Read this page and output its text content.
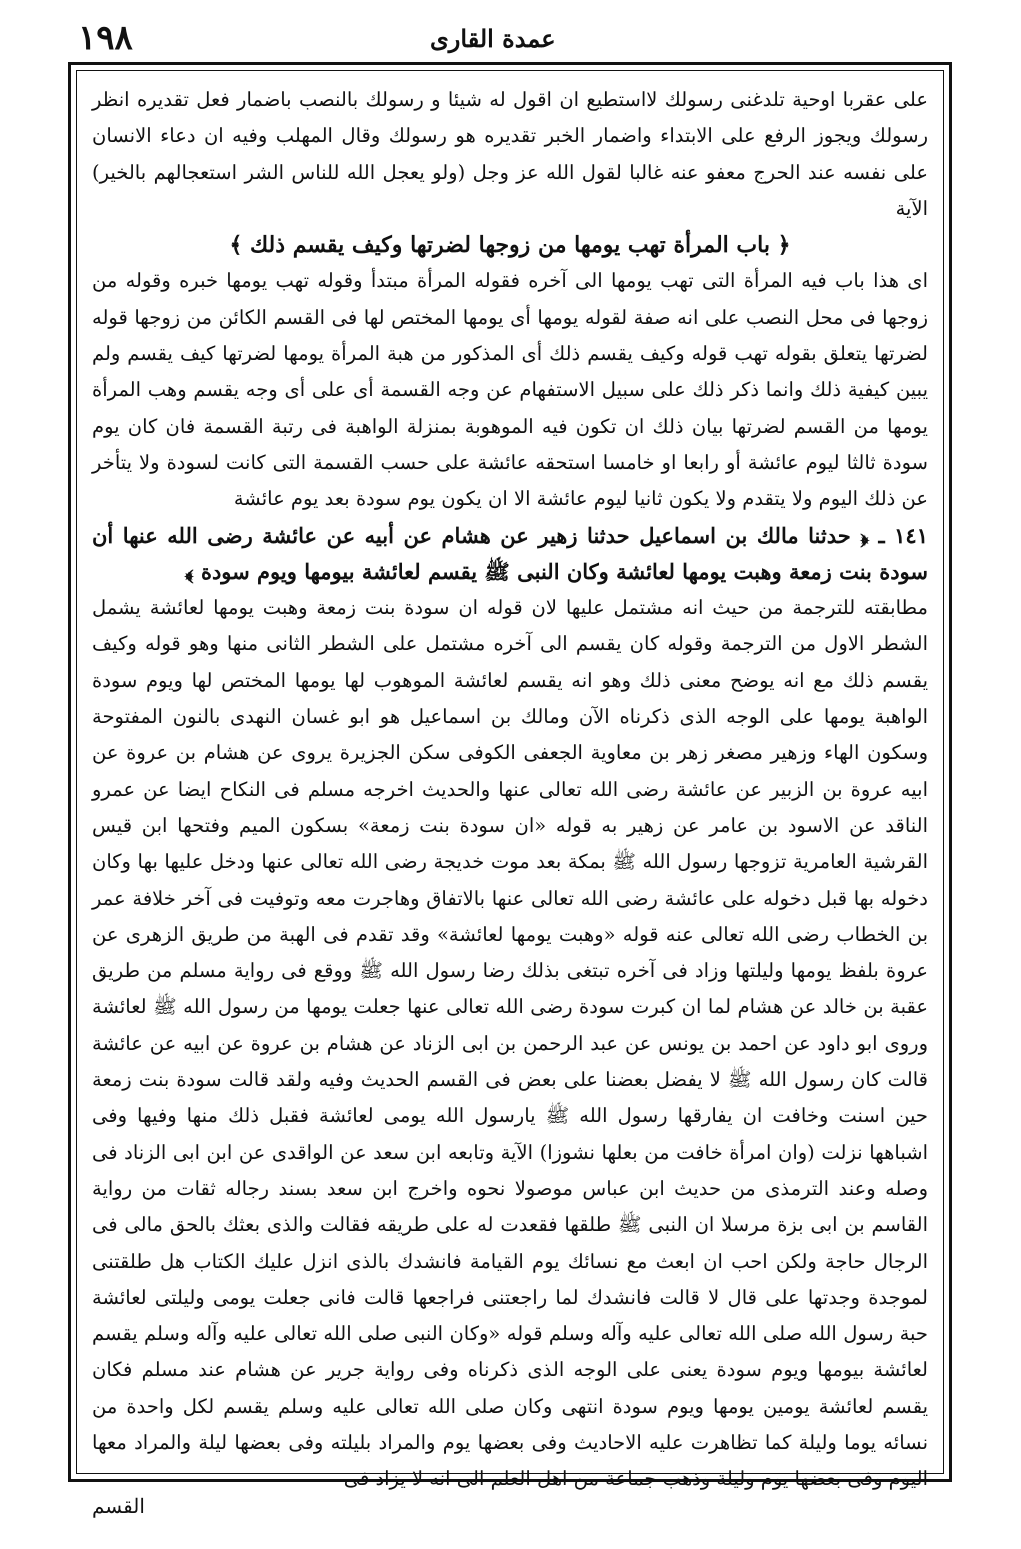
١٩٨	عمدة القارى

على عقربا اوحية تلدغنى رسولك لااستطيع ان اقول له شيئا و رسولك بالنصب باضمار فعل تقديره انظر رسولك ويجوز الرفع على الابتداء واضمار الخبر تقديره هو رسولك وقال المهلب وفيه ان دعاء الانسان على نفسه عند الحرج معفو عنه غالبا لقول الله عز وجل (ولو يعجل الله للناس الشر استعجالهم بالخير) الآية

﴿ باب المرأة تهب يومها من زوجها لضرتها وكيف يقسم ذلك ﴾

اى هذا باب فيه المرأة التى تهب يومها الى آخره فقوله المرأة مبتدأ وقوله تهب يومها خبره وقوله من زوجها فى محل النصب على انه صفة لقوله يومها أى يومها المختص لها فى القسم الكائن من زوجها قوله لضرتها يتعلق بقوله تهب قوله وكيف يقسم ذلك أى المذكور من هبة المرأة يومها لضرتها كيف يقسم ولم يبين كيفية ذلك وانما ذكر ذلك على سبيل الاستفهام عن وجه القسمة أى على أى وجه يقسم وهب المرأة يومها من القسم لضرتها بيان ذلك ان تكون فيه الموهوبة بمنزلة الواهبة فى رتبة القسمة فان كان يوم سودة ثالثا ليوم عائشة أو رابعا او خامسا استحقه عائشة على حسب القسمة التى كانت لسودة ولا يتأخر عن ذلك اليوم ولا يتقدم ولا يكون ثانيا ليوم عائشة الا ان يكون يوم سودة بعد يوم عائشة

١٤١ ـ ﴿ حدثنا مالك بن اسماعيل حدثنا زهير عن هشام عن أبيه عن عائشة رضى الله عنها أن سودة بنت زمعة وهبت يومها لعائشة وكان النبى ﷺ يقسم لعائشة بيومها ويوم سودة ﴾

مطابقته للترجمة من حيث انه مشتمل عليها لان قوله ان سودة بنت زمعة وهبت يومها لعائشة يشمل الشطر الاول من الترجمة وقوله كان يقسم الى آخره مشتمل على الشطر الثانى منها وهو قوله وكيف يقسم ذلك مع انه يوضح معنى ذلك وهو انه يقسم لعائشة الموهوب لها يومها المختص لها ويوم سودة الواهبة يومها على الوجه الذى ذكرناه الآن ومالك بن اسماعيل هو ابو غسان النهدى بالنون المفتوحة وسكون الهاء وزهير مصغر زهر بن معاوية الجعفى الكوفى سكن الجزيرة يروى عن هشام بن عروة عن ابيه عروة بن الزبير عن عائشة رضى الله تعالى عنها والحديث اخرجه مسلم فى النكاح ايضا عن عمرو الناقد عن الاسود بن عامر عن زهير به قوله «ان سودة بنت زمعة» بسكون الميم وفتحها ابن قيس القرشية العامرية تزوجها رسول الله ﷺ بمكة بعد موت خديجة رضى الله تعالى عنها ودخل عليها بها وكان دخوله بها قبل دخوله على عائشة رضى الله تعالى عنها بالاتفاق وهاجرت معه وتوفيت فى آخر خلافة عمر بن الخطاب رضى الله تعالى عنه قوله «وهبت يومها لعائشة» وقد تقدم فى الهبة من طريق الزهرى عن عروة بلفظ يومها وليلتها وزاد فى آخره تبتغى بذلك رضا رسول الله ﷺ ووقع فى رواية مسلم من طريق عقبة بن خالد عن هشام لما ان كبرت سودة رضى الله تعالى عنها جعلت يومها من رسول الله ﷺ لعائشة وروى ابو داود عن احمد بن يونس عن عبد الرحمن بن ابى الزناد عن هشام بن عروة عن ابيه عن عائشة قالت كان رسول الله ﷺ لا يفضل بعضنا على بعض فى القسم الحديث وفيه ولقد قالت سودة بنت زمعة حين اسنت وخافت ان يفارقها رسول الله ﷺ يارسول الله يومى لعائشة فقبل ذلك منها وفيها وفى اشباهها نزلت (وان امرأة خافت من بعلها نشوزا) الآية وتابعه ابن سعد عن الواقدى عن ابن ابى الزناد فى وصله وعند الترمذى من حديث ابن عباس موصولا نحوه واخرج ابن سعد بسند رجاله ثقات من رواية القاسم بن ابى بزة مرسلا ان النبى ﷺ طلقها فقعدت له على طريقه فقالت والذى بعثك بالحق مالى فى الرجال حاجة ولكن احب ان ابعث مع نسائك يوم القيامة فانشدك بالذى انزل عليك الكتاب هل طلقتنى لموجدة وجدتها على قال لا قالت فانشدك لما راجعتنى فراجعها قالت فانى جعلت يومى وليلتى لعائشة حبة رسول الله صلى الله تعالى عليه وآله وسلم قوله «وكان النبى صلى الله تعالى عليه وآله وسلم يقسم لعائشة بيومها ويوم سودة يعنى على الوجه الذى ذكرناه وفى رواية جرير عن هشام عند مسلم فكان يقسم لعائشة يومين يومها ويوم سودة انتهى وكان صلى الله تعالى عليه وسلم يقسم لكل واحدة من نسائه يوما وليلة كما تظاهرت عليه الاحاديث وفى بعضها يوم والمراد بليلته وفى بعضها ليلة والمراد معها اليوم وفى بعضها يوم وليلة وذهب جماعة من اهل العلم الى انه لا يزاد فى

القسم
